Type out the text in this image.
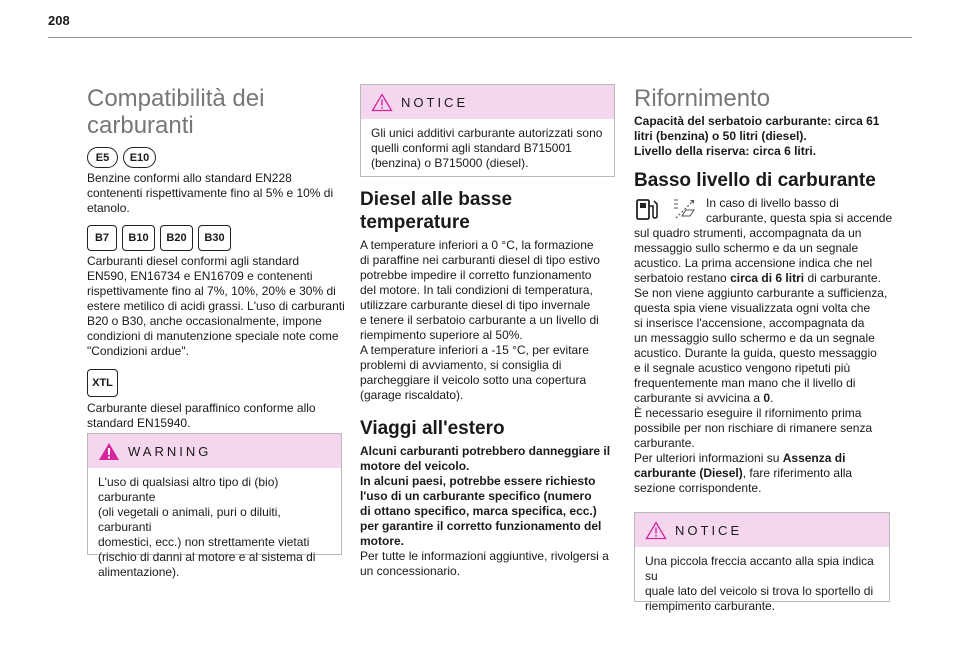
208
Compatibilità dei
carburanti
E5	E10

Benzine conformi allo standard EN228

contenenti rispettivamente fino al 5% e 10% di

etanolo.

B7	B10	B20	B30

Carburanti diesel conformi agli standard

EN590, EN16734 e EN16709 e contenenti

rispettivamente fino al 7%, 10%, 20% e 30% di

estere metilico di acidi grassi. L'uso di carburanti

B20 o B30, anche occasionalmente, impone

condizioni di manutenzione speciale note come

"Condizioni ardue".

XTL

Carburante diesel paraffinico conforme allo

standard EN15940.

WARNING

L'uso di qualsiasi altro tipo di (bio) carburante

(oli vegetali o animali, puri o diluiti, carburanti

domestici, ecc.) non strettamente vietati

(rischio di danni al motore e al sistema di

alimentazione).

NOTICE

Gli unici additivi carburante autorizzati sono

quelli conformi agli standard B715001

(benzina) o B715000 (diesel).

Diesel alle basse
temperature

A temperature inferiori a 0 °C, la formazione

di paraffine nei carburanti diesel di tipo estivo

potrebbe impedire il corretto funzionamento

del motore. In tali condizioni di temperatura,

utilizzare carburante diesel di tipo invernale

e tenere il serbatoio carburante a un livello di

riempimento superiore al 50%.

A temperature inferiori a -15 °C, per evitare

problemi di avviamento, si consiglia di

parcheggiare il veicolo sotto una copertura

(garage riscaldato).

Viaggi all'estero

Alcuni carburanti potrebbero danneggiare il

motore del veicolo.

In alcuni paesi, potrebbe essere richiesto

l'uso di un carburante specifico (numero

di ottano specifico, marca specifica, ecc.)

per garantire il corretto funzionamento del

motore.

Per tutte le informazioni aggiuntive, rivolgersi a

un concessionario.

Rifornimento

Capacità del serbatoio carburante: circa 61

litri (benzina) o 50 litri (diesel).

Livello della riserva: circa 6 litri.

Basso livello di carburante

In caso di livello basso di

carburante, questa spia si accende

sul quadro strumenti, accompagnata da un

messaggio sullo schermo e da un segnale

acustico. La prima accensione indica che nel

serbatoio restano circa di 6 litri di carburante.

Se non viene aggiunto carburante a sufficienza,

questa spia viene visualizzata ogni volta che

si inserisce l'accensione, accompagnata da

un messaggio sullo schermo e da un segnale

acustico. Durante la guida, questo messaggio

e il segnale acustico vengono ripetuti più

frequentemente man mano che il livello di

carburante si avvicina a 0.

È necessario eseguire il rifornimento prima

possibile per non rischiare di rimanere senza

carburante.

Per ulteriori informazioni su Assenza di

carburante (Diesel), fare riferimento alla

sezione corrispondente.

NOTICE

Una piccola freccia accanto alla spia indica su

quale lato del veicolo si trova lo sportello di

riempimento carburante.
